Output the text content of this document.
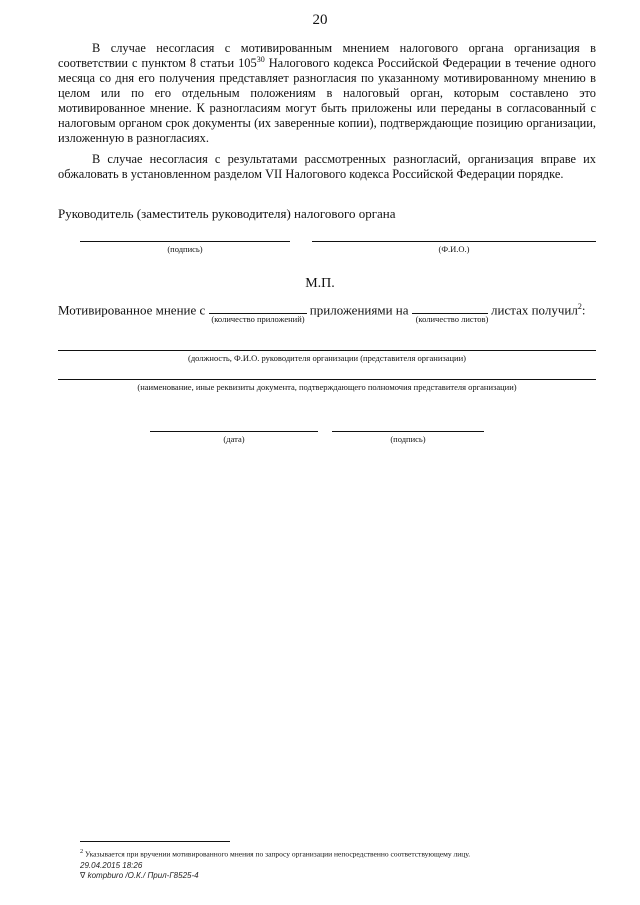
20
В случае несогласия с мотивированным мнением налогового органа организация в соответствии с пунктом 8 статьи $105^{30}$ Налогового кодекса Российской Федерации в течение одного месяца со дня его получения представляет разногласия по указанному мотивированному мнению в целом или по его отдельным положениям в налоговый орган, которым составлено это мотивированное мнение. К разногласиям могут быть приложены или переданы в согласованный с налоговым органом срок документы (их заверенные копии), подтверждающие позицию организации, изложенную в разногласиях.
В случае несогласия с результатами рассмотренных разногласий, организация вправе их обжаловать в установленном разделом VII Налогового кодекса Российской Федерации порядке.
Руководитель (заместитель руководителя) налогового органа
(подпись)	(Ф.И.О.)
М.П.
Мотивированное мнение с	приложениями на	листах получил$^2$:
(количество приложений)	(количество листов)
(должность, Ф.И.О. руководителя организации (представителя организации)
(наименование, иные реквизиты документа, подтверждающего полномочия представителя организации)
(дата)	(подпись)
$^2$ Указывается при вручении мотивированного мнения по запросу организации непосредственно соответствующему лицу.
29.04.2015 18:26
∇ kompburo /О.К./ Прил-Г8525-4
